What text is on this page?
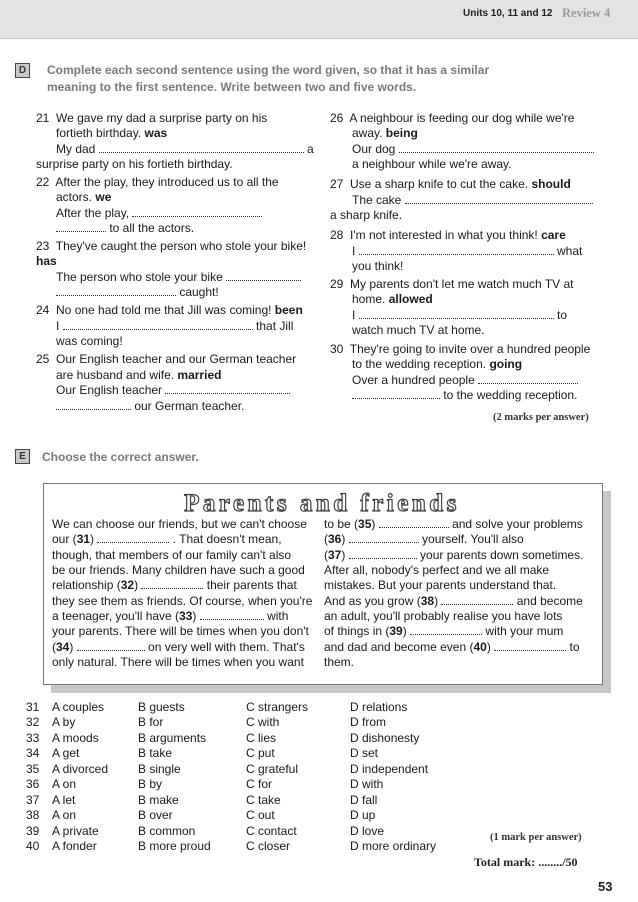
Units 10, 11 and 12 Review 4
D	Complete each second sentence using the word given, so that it has a similar
meaning to the first sentence. Write between two and five words.
21  We gave my dad a surprise party on his
fortieth birthday. was
My dad	a
surprise party on his fortieth birthday.
22  After the play, they introduced us to all the
actors. we
After the play,
to all the actors.
23  They've caught the person who stole your bike!
has
The person who stole your bike
caught!
24  No one had told me that Jill was coming! been
I	that Jill
was coming!
25  Our English teacher and our German teacher
are husband and wife. married
Our English teacher
our German teacher.
26  A neighbour is feeding our dog while we're
away. being
Our dog
a neighbour while we're away.
27  Use a sharp knife to cut the cake. should
The cake
a sharp knife.
28  I'm not interested in what you think! care
I	what
you think!
29  My parents don't let me watch much TV at
home. allowed
I	to
watch much TV at home.
30  They're going to invite over a hundred people
to the wedding reception. going
Over a hundred people
to the wedding reception.
(2 marks per answer)
E	Choose the correct answer.
Parents and friends
We can choose our friends, but we can't choose
our (31)	. That doesn't mean,
though, that members of our family can't also
be our friends. Many children have such a good
relationship (32)	their parents that
they see them as friends. Of course, when you're
a teenager, you'll have (33)	with
your parents. There will be times when you don't
(34)	on very well with them. That's
only natural. There will be times when you want
to be (35)	and solve your problems
(36)	yourself. You'll also
(37)	your parents down sometimes.
After all, nobody's perfect and we all make
mistakes. But your parents understand that.
And as you grow (38)	and become
an adult, you'll probably realise you have lots
of things in (39)	with your mum
and dad and become even (40)	to
them.
31 A couples	B guests	C strangers	D relations
32 A by	B for	C with	D from
33 A moods	B arguments	C lies	D dishonesty
34 A get	B take	C put	D set
35 A divorced B single	C grateful	D independent
36 A on	B by	C for	D with
37 A let	B make	C take	D fall
38 A on	B over	C out	D up
39 A private	B common	C contact	D love
40 A fonder	B more proud	C closer	D more ordinary
(1 mark per answer)
Total mark: ......../50
53
